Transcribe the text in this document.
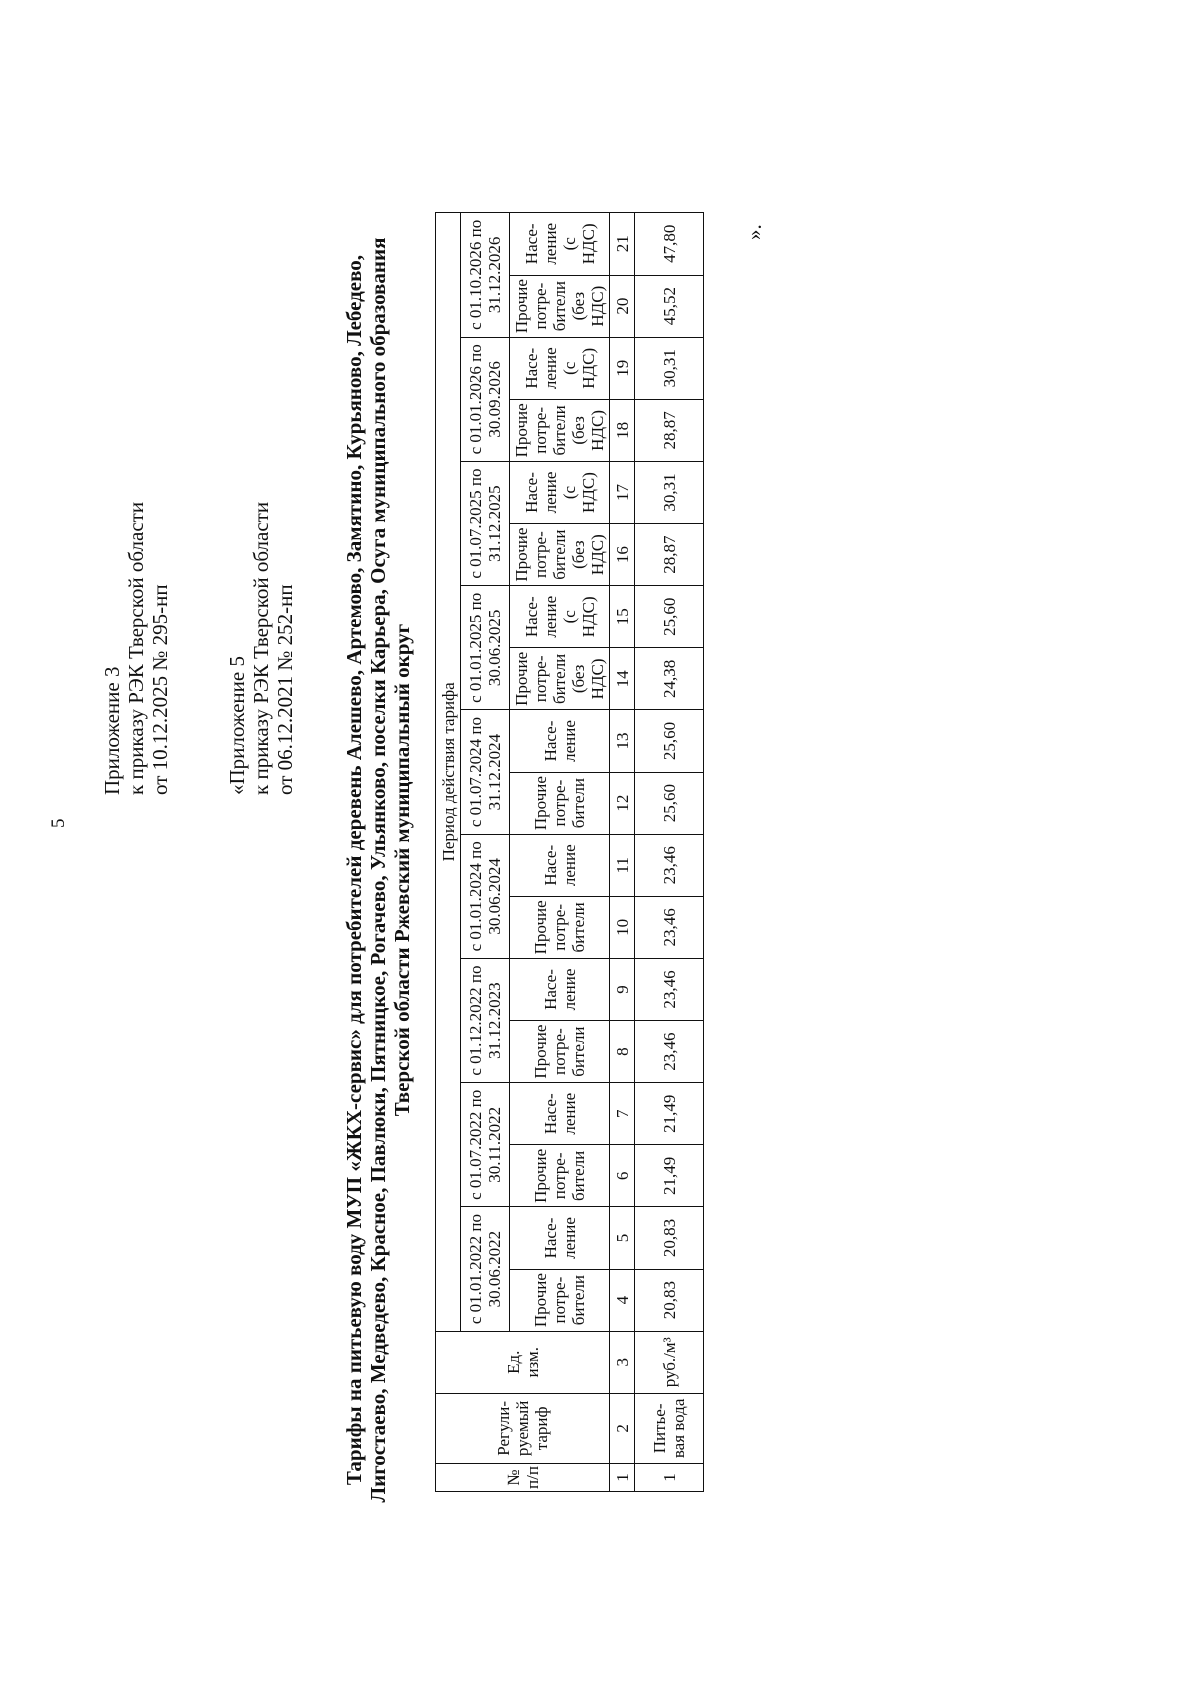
5
Приложение 3 к приказу РЭК Тверской области от 10.12.2025 № 295-нп	«Приложение 5 к приказу РЭК Тверской области от 06.12.2021 № 252-нп Тарифы на питьевую воду МУП «ЖКХ-сервис» для потребителей деревень Алешево, Артемово, Замятино, Курьяново, Лебедево, Лигостаево, Медведево, Красное, Павлюки, Пятницкое, Рогачево, Ульянково, поселки Карьера, Осуга муниципального образования Тверской области Ржевский муниципальный округ
№ п/п	Регули-руемый тариф	Ед. изм.	Период действия тарифа																	
			с 01.01.2022 по 30.06.2022		с 01.07.2022 по 30.11.2022		с 01.12.2022 по 31.12.2023		с 01.01.2024 по 30.06.2024		с 01.07.2024 по 31.12.2024		с 01.01.2025 по 30.06.2025		с 01.07.2025 по 31.12.2025		с 01.01.2026 по 30.09.2026		с 01.10.2026 по 31.12.2026	
			Прочие потре-бители	Насе-ление	Прочие потре-бители	Насе-ление	Прочие потре-бители	Насе-ление	Прочие потре-бители	Насе-ление	Прочие потре-бители	Насе-ление	Прочие потре-бители (без НДС)	Насе-ление (с НДС)	Прочие потре-бители (без НДС)	Насе-ление (с НДС)	Прочие потре-бители (без НДС)	Насе-ление (с НДС)	Прочие потре-бители (без НДС)	Насе-ление (с НДС)
1	2	3	4	5	6	7	8	9	10	11	12	13	14	15	16	17	18	19	20	21
1	Питье-вая вода	руб./м³	20,83	20,83	21,49	21,49	23,46	23,46	23,46	23,46	25,60	25,60	24,38	25,60	28,87	30,31	28,87	30,31	45,52	47,80	».
